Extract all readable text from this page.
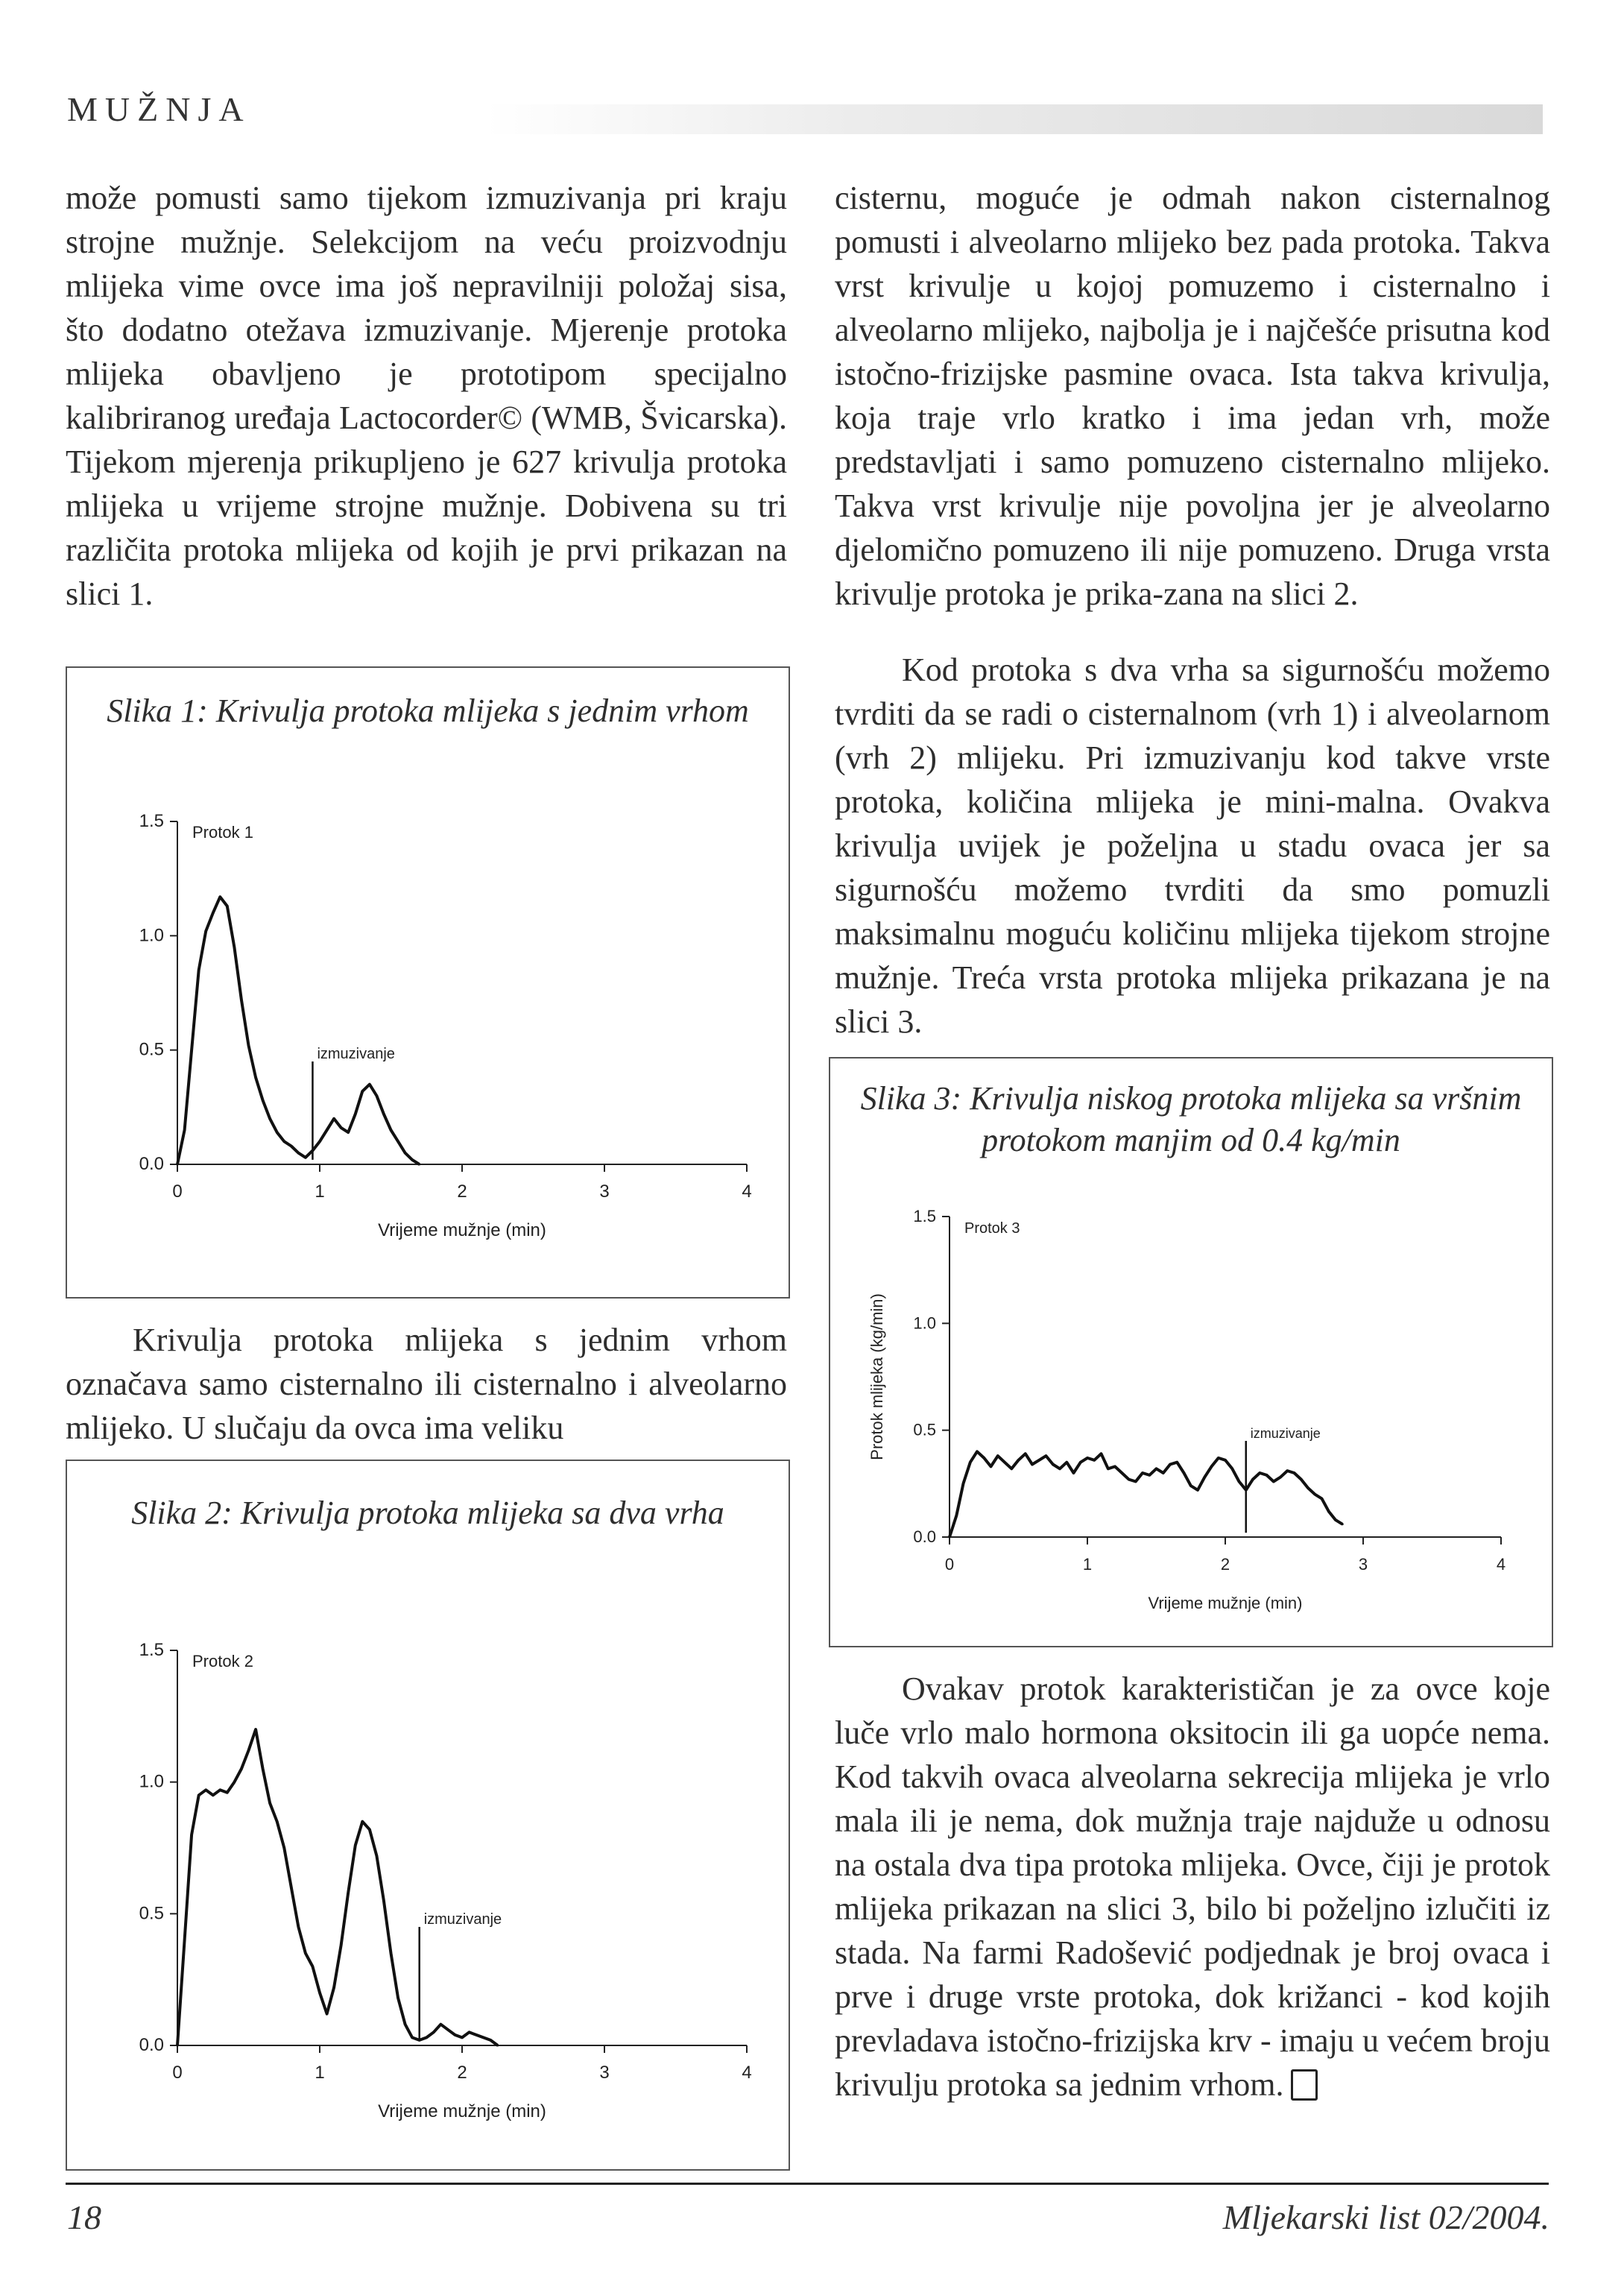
MUŽNJA

može pomusti samo tijekom izmuzivanja pri kraju strojne mužnje. Selekcijom na veću proizvodnju mlijeka vime ovce ima još nepravilniji položaj sisa, što dodatno otežava izmuzivanje. Mjerenje protoka mlijeka obavljeno je prototipom specijalno kalibriranog uređaja Lactocorder© (WMB, Švicarska). Tijekom mjerenja prikupljeno je 627 krivulja protoka mlijeka u vrijeme strojne mužnje. Dobivena su tri različita protoka mlijeka od kojih je prvi prikazan na slici 1.

Slika 1: Krivulja protoka mlijeka s jednim vrhom
0.0
0.5
1.0
1.5
0	1	2	3	4
Vrijeme mužnje (min)
Protok 1
izmuzivanje

Krivulja protoka mlijeka s jednim vrhom označava samo cisternalno ili cisternalno i alveolarno mlijeko. U slučaju da ovca ima veliku

Slika 2: Krivulja protoka mlijeka sa dva vrha
0.0
0.5
1.0
1.5
0	1	2	3	4
Vrijeme mužnje (min)
Protok 2
izmuzivanje

cisternu, moguće je odmah nakon cisternalnog pomusti i alveolarno mlijeko bez pada protoka. Takva vrst krivulje u kojoj pomuzemo i cisternalno i alveolarno mlijeko, najbolja je i najčešće prisutna kod istočno-frizijske pasmine ovaca. Ista takva krivulja, koja traje vrlo kratko i ima jedan vrh, može predstavljati i samo pomuzeno cisternalno mlijeko. Takva vrst krivulje nije povoljna jer je alveolarno djelomično pomuzeno ili nije pomuzeno. Druga vrsta krivulje protoka je prika-zana na slici 2.

Kod protoka s dva vrha sa sigurnošću možemo tvrditi da se radi o cisternalnom (vrh 1) i alveolarnom (vrh 2) mlijeku. Pri izmuzivanju kod takve vrste protoka, količina mlijeka je mini-malna. Ovakva krivulja uvijek je poželjna u stadu ovaca jer sa sigurnošću možemo tvrditi da smo pomuzli maksimalnu moguću količinu mlijeka tijekom strojne mužnje. Treća vrsta protoka mlijeka prikazana je na slici 3.

Slika 3: Krivulja niskog protoka mlijeka sa vršnim protokom manjim od 0.4 kg/min
0.0
0.5
1.0
1.5
0	1	2	3	4
Vrijeme mužnje (min)
Protok mlijeka (kg/min)
Protok 3
izmuzivanje

Ovakav protok karakterističan je za ovce koje luče vrlo malo hormona oksitocin ili ga uopće nema. Kod takvih ovaca alveolarna sekrecija mlijeka je vrlo mala ili je nema, dok mužnja traje najduže u odnosu na ostala dva tipa protoka mlijeka. Ovce, čiji je protok mlijeka prikazan na slici 3, bilo bi poželjno izlučiti iz stada. Na farmi Radošević podjednak je broj ovaca i prve i druge vrste protoka, dok križanci - kod kojih prevladava istočno-frizijska krv - imaju u većem broju krivulju protoka sa jednim vrhom.

18	Mljekarski list 02/2004.
